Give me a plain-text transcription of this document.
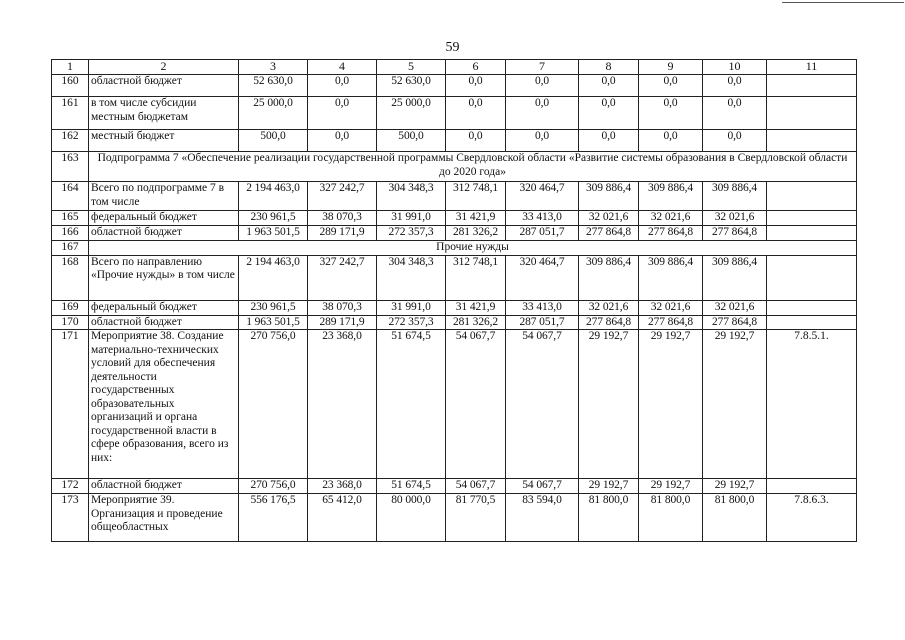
59
1	2	3	4	5	6	7	8	9	10	11
160	областной бюджет	52 630,0	0,0	52 630,0	0,0	0,0	0,0	0,0	0,0	
161	в том числе субсидии местным бюджетам	25 000,0	0,0	25 000,0	0,0	0,0	0,0	0,0	0,0	
162	местный бюджет	500,0	0,0	500,0	0,0	0,0	0,0	0,0	0,0	
163	Подпрограмма 7 «Обеспечение реализации государственной программы Свердловской области «Развитие системы образования в Свердловской области до 2020 года»									
164	Всего по подпрограмме 7 в том числе	2 194 463,0	327 242,7	304 348,3	312 748,1	320 464,7	309 886,4	309 886,4	309 886,4	
165	федеральный бюджет	230 961,5	38 070,3	31 991,0	31 421,9	33 413,0	32 021,6	32 021,6	32 021,6	
166	областной бюджет	1 963 501,5	289 171,9	272 357,3	281 326,2	287 051,7	277 864,8	277 864,8	277 864,8	
167	Прочие нужды									
168	Всего по направлению «Прочие нужды» в том числе	2 194 463,0	327 242,7	304 348,3	312 748,1	320 464,7	309 886,4	309 886,4	309 886,4	
169	федеральный бюджет	230 961,5	38 070,3	31 991,0	31 421,9	33 413,0	32 021,6	32 021,6	32 021,6	
170	областной бюджет	1 963 501,5	289 171,9	272 357,3	281 326,2	287 051,7	277 864,8	277 864,8	277 864,8	
171	Мероприятие 38. Создание материально-технических условий для обеспечения деятельности государственных образовательных организаций и органа государственной власти в сфере образования, всего из них:	270 756,0	23 368,0	51 674,5	54 067,7	54 067,7	29 192,7	29 192,7	29 192,7	7.8.5.1.
172	областной бюджет	270 756,0	23 368,0	51 674,5	54 067,7	54 067,7	29 192,7	29 192,7	29 192,7	
173	Мероприятие 39. Организация и проведение общеобластных	556 176,5	65 412,0	80 000,0	81 770,5	83 594,0	81 800,0	81 800,0	81 800,0	7.8.6.3.
